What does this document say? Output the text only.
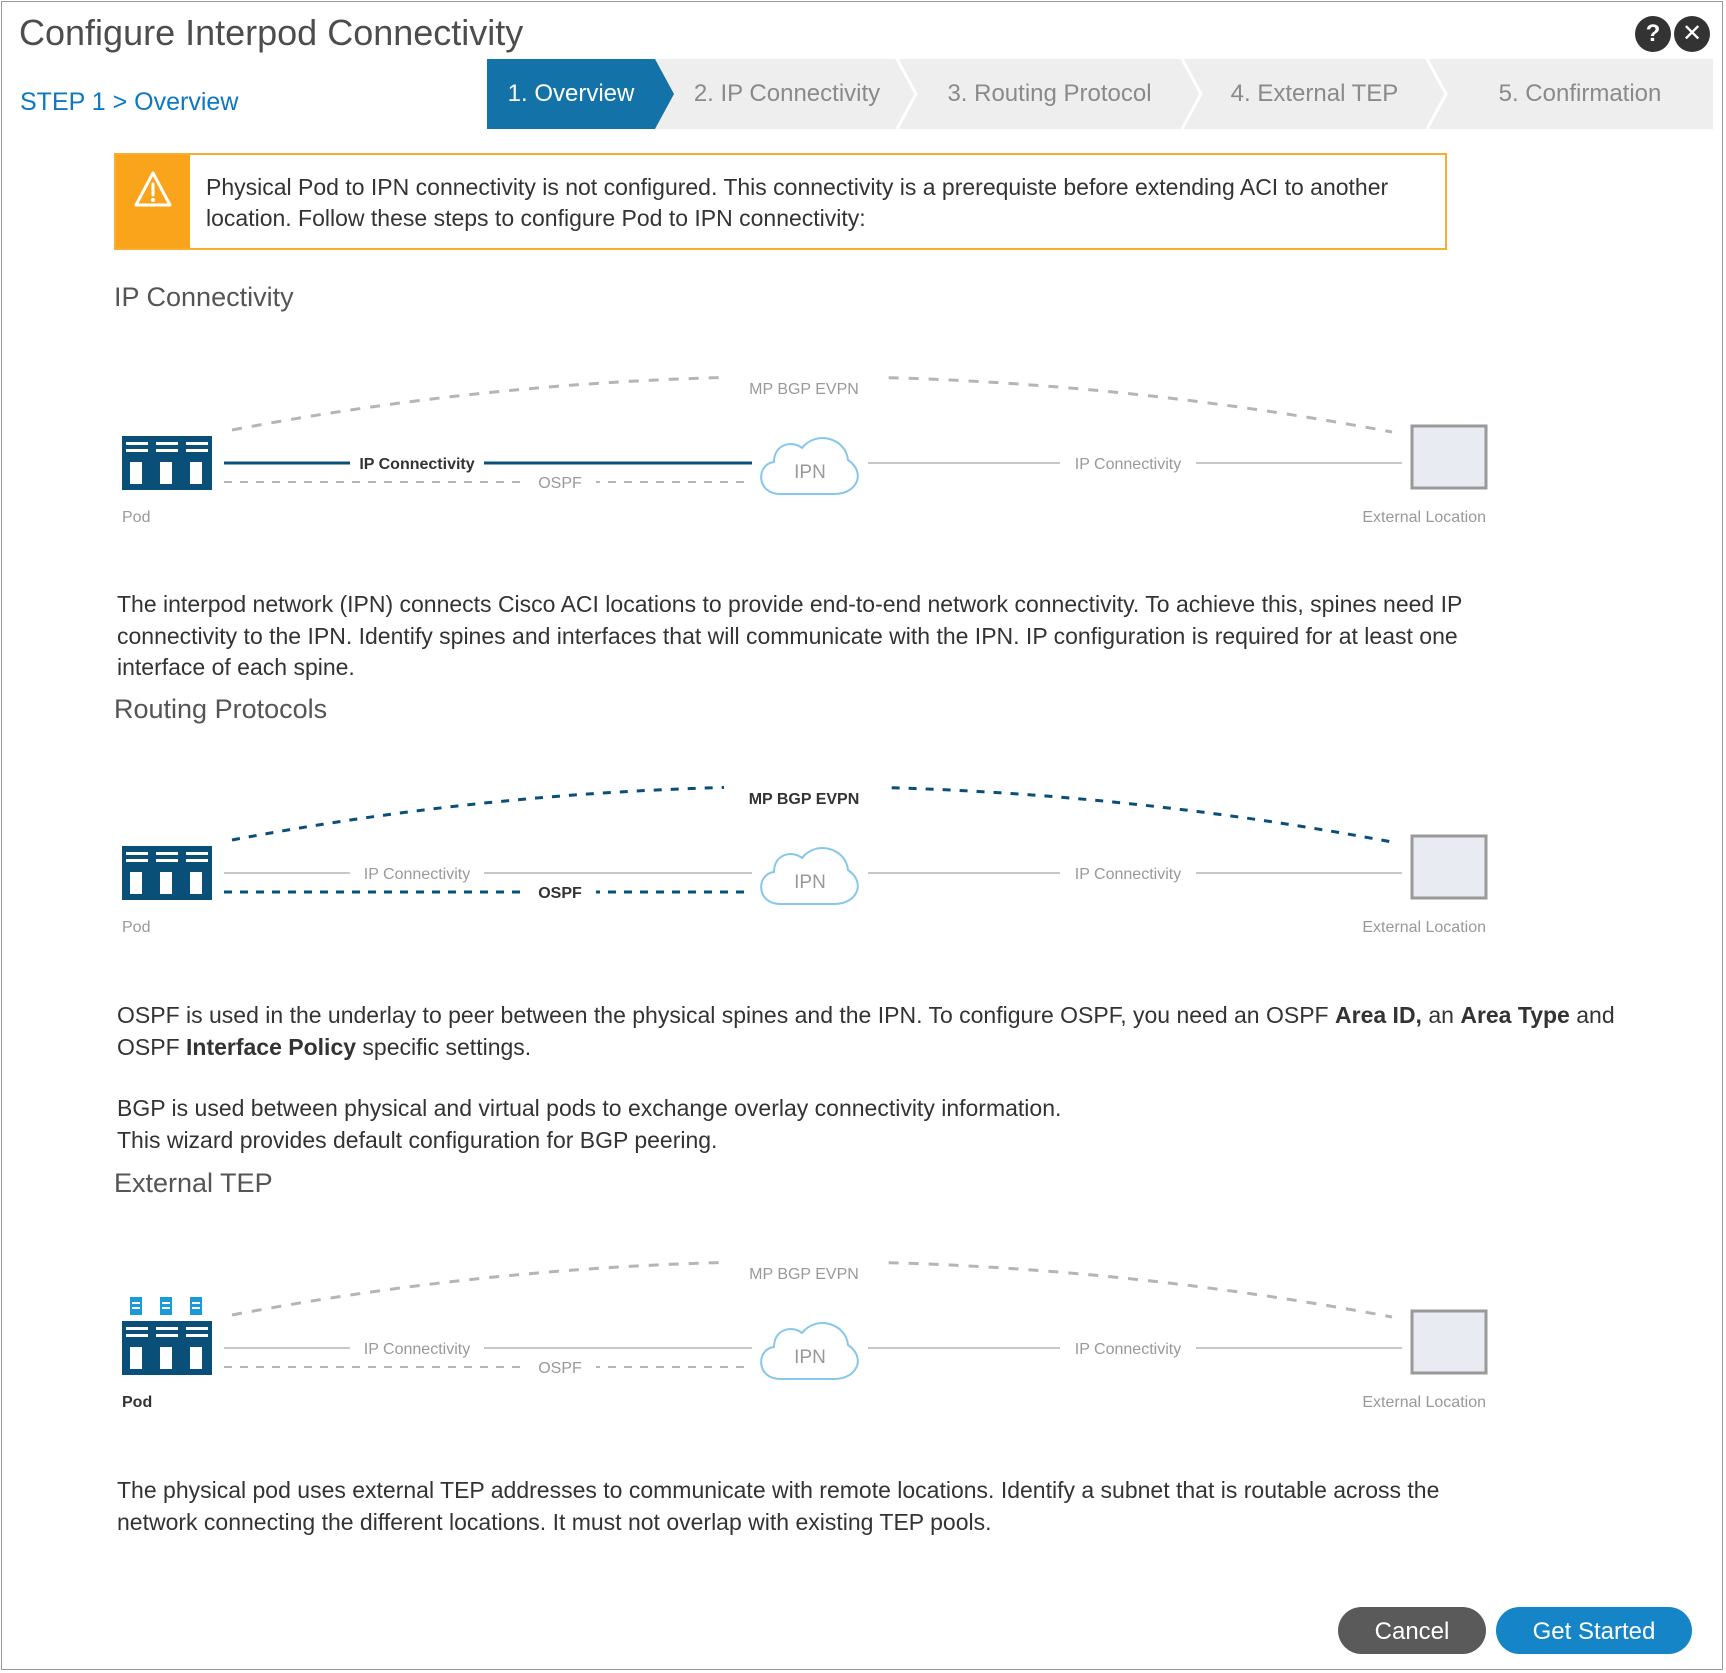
Configure Interpod Connectivity	? ✕
STEP 1 > Overview	1. Overview	2. IP Connectivity	3. Routing Protocol	4. External TEP	5. Confirmation
Physical Pod to IPN connectivity is not configured. This connectivity is a prerequiste before extending ACI to another location. Follow these steps to configure Pod to IPN connectivity:
IP Connectivity
MP BGP EVPN
Pod
IP Connectivity
OSPF
IPN	IP Connectivity
External Location
The interpod network (IPN) connects Cisco ACI locations to provide end-to-end network connectivity. To achieve this, spines need IP connectivity to the IPN. Identify spines and interfaces that will communicate with the IPN. IP configuration is required for at least one interface of each spine.
Routing Protocols
MP BGP EVPN
Pod
IP Connectivity
OSPF
IPN	IP Connectivity
External Location
OSPF is used in the underlay to peer between the physical spines and the IPN. To configure OSPF, you need an OSPF Area ID, an Area Type and OSPF Interface Policy specific settings.
BGP is used between physical and virtual pods to exchange overlay connectivity information.
This wizard provides default configuration for BGP peering.
External TEP
MP BGP EVPN
Pod
IP Connectivity
OSPF
IPN	IP Connectivity
External Location
The physical pod uses external TEP addresses to communicate with remote locations. Identify a subnet that is routable across the network connecting the different locations. It must not overlap with existing TEP pools.
Cancel	Get Started
